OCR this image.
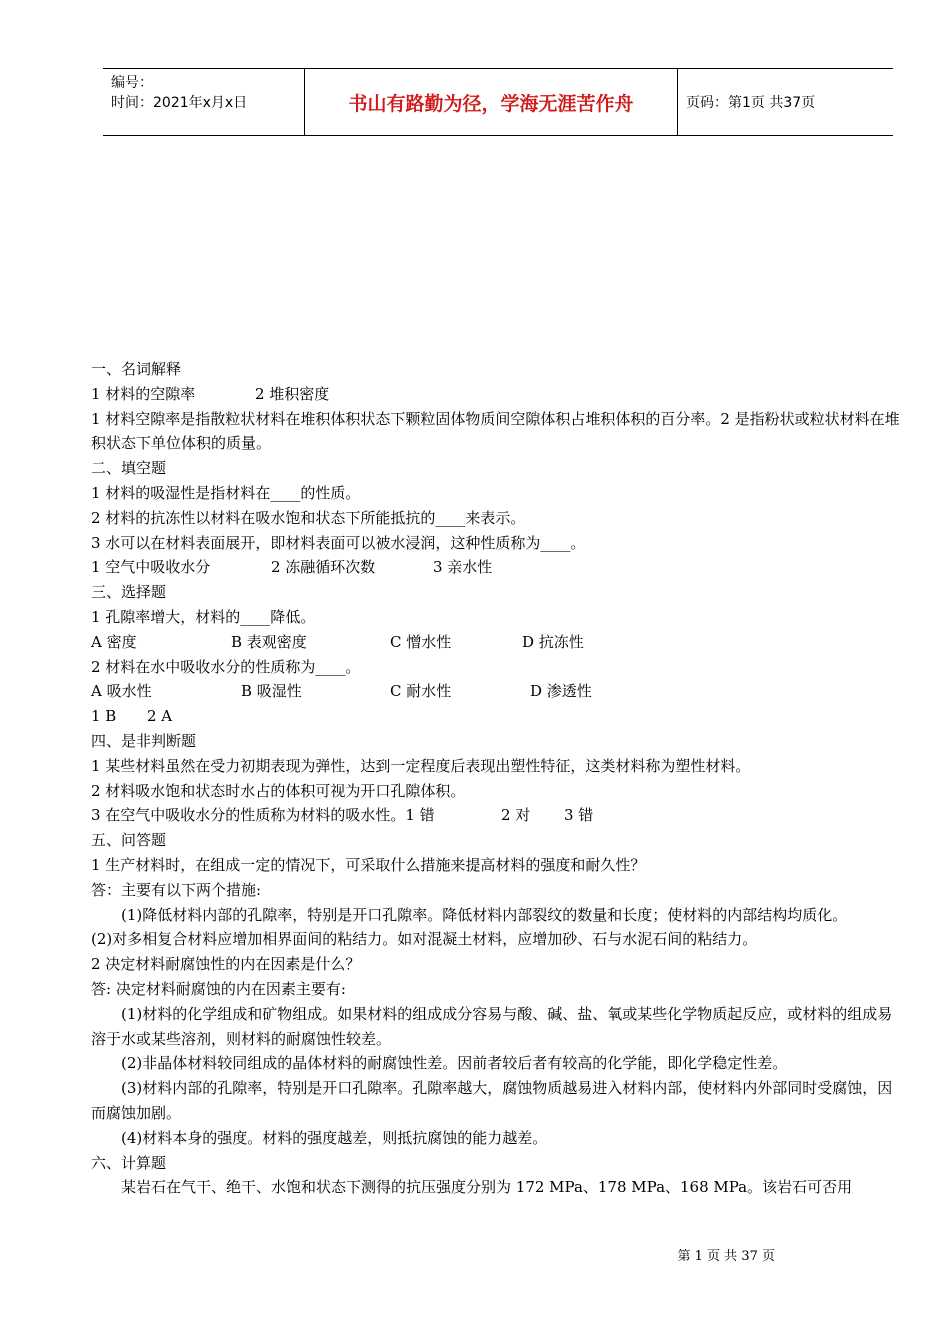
编号：
时间：2021年x月x日	书山有路勤为径，学海无涯苦作舟	页码：第1页 共37页

一、名词解释

1 材料的空隙率	2 堆积密度

1 材料空隙率是指散粒状材料在堆积体积状态下颗粒固体物质间空隙体积占堆积体积的百分率。2 是指粉状或粒状材料在堆积状态下单位体积的质量。

二、填空题

1 材料的吸湿性是指材料在____的性质。

2 材料的抗冻性以材料在吸水饱和状态下所能抵抗的____来表示。

3 水可以在材料表面展开，即材料表面可以被水浸润，这种性质称为____。

1 空气中吸收水分	2 冻融循环次数	3 亲水性

三、选择题

1 孔隙率增大，材料的____降低。

A 密度	B 表观密度	C 憎水性	D 抗冻性

2 材料在水中吸收水分的性质称为____。

A 吸水性	B 吸湿性	C 耐水性	D 渗透性

1 B 2 A

四、是非判断题

1 某些材料虽然在受力初期表现为弹性，达到一定程度后表现出塑性特征，这类材料称为塑性材料。

2 材料吸水饱和状态时水占的体积可视为开口孔隙体积。

3 在空气中吸收水分的性质称为材料的吸水性。1 错	2 对 3 错

五、问答题

1 生产材料时，在组成一定的情况下，可采取什么措施来提高材料的强度和耐久性？

答：主要有以下两个措施:

(1)降低材料内部的孔隙率，特别是开口孔隙率。降低材料内部裂纹的数量和长度；使材料的内部结构均质化。

(2)对多相复合材料应增加相界面间的粘结力。如对混凝土材料，应增加砂、石与水泥石间的粘结力。

2 决定材料耐腐蚀性的内在因素是什么？

答: 决定材料耐腐蚀的内在因素主要有:

(1)材料的化学组成和矿物组成。如果材料的组成成分容易与酸、碱、盐、氧或某些化学物质起反应，或材料的组成易溶于水或某些溶剂，则材料的耐腐蚀性较差。

(2)非晶体材料较同组成的晶体材料的耐腐蚀性差。因前者较后者有较高的化学能，即化学稳定性差。

(3)材料内部的孔隙率，特别是开口孔隙率。孔隙率越大，腐蚀物质越易进入材料内部，使材料内外部同时受腐蚀，因而腐蚀加剧。

(4)材料本身的强度。材料的强度越差，则抵抗腐蚀的能力越差。

六、计算题

某岩石在气干、绝干、水饱和状态下测得的抗压强度分别为 172 MPa、178 MPa、168 MPa。该岩石可否用

第 1 页 共 37 页
